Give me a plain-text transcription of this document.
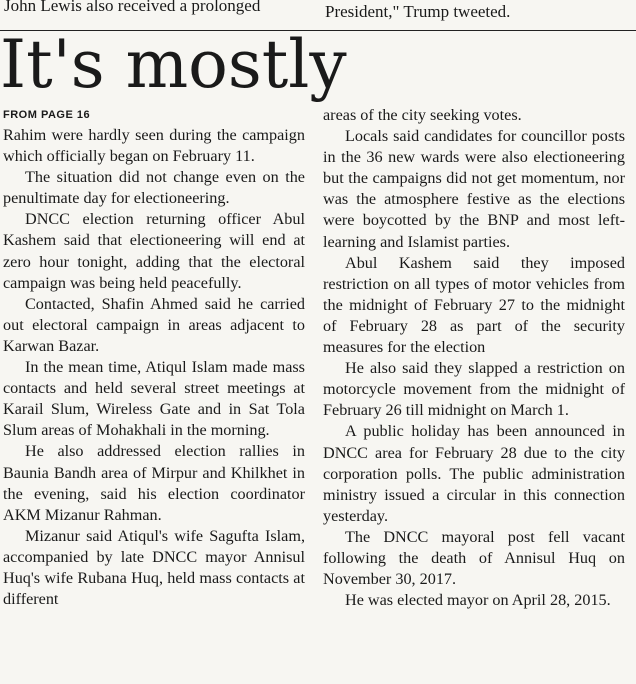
John Lewis also received a prolonged	President," Trump tweeted.
It's mostly
FROM PAGE 16

Rahim were hardly seen during the campaign which officially began on February 11.

The situation did not change even on the penultimate day for electioneering.

DNCC election returning officer Abul Kashem said that electioneering will end at zero hour tonight, adding that the electoral campaign was being held peacefully.

Contacted, Shafin Ahmed said he carried out electoral campaign in areas adjacent to Karwan Bazar.

In the mean time, Atiqul Islam made mass contacts and held several street meetings at Karail Slum, Wireless Gate and in Sat Tola Slum areas of Mohakhali in the morning.

He also addressed election rallies in Baunia Bandh area of Mirpur and Khilkhet in the evening, said his election coordinator AKM Mizanur Rahman.

Mizanur said Atiqul's wife Sagufta Islam, accompanied by late DNCC mayor Annisul Huq's wife Rubana Huq, held mass contacts at different

areas of the city seeking votes.

Locals said candidates for councillor posts in the 36 new wards were also electioneering but the campaigns did not get momentum, nor was the atmosphere festive as the elections were boycotted by the BNP and most left-learning and Islamist parties.

Abul Kashem said they imposed restriction on all types of motor vehicles from the midnight of February 27 to the midnight of February 28 as part of the security measures for the election

He also said they slapped a restriction on motorcycle movement from the midnight of February 26 till midnight on March 1.

A public holiday has been announced in DNCC area for February 28 due to the city corporation polls. The public administration ministry issued a circular in this connection yesterday.

The DNCC mayoral post fell vacant following the death of Annisul Huq on November 30, 2017.

He was elected mayor on April 28, 2015.
